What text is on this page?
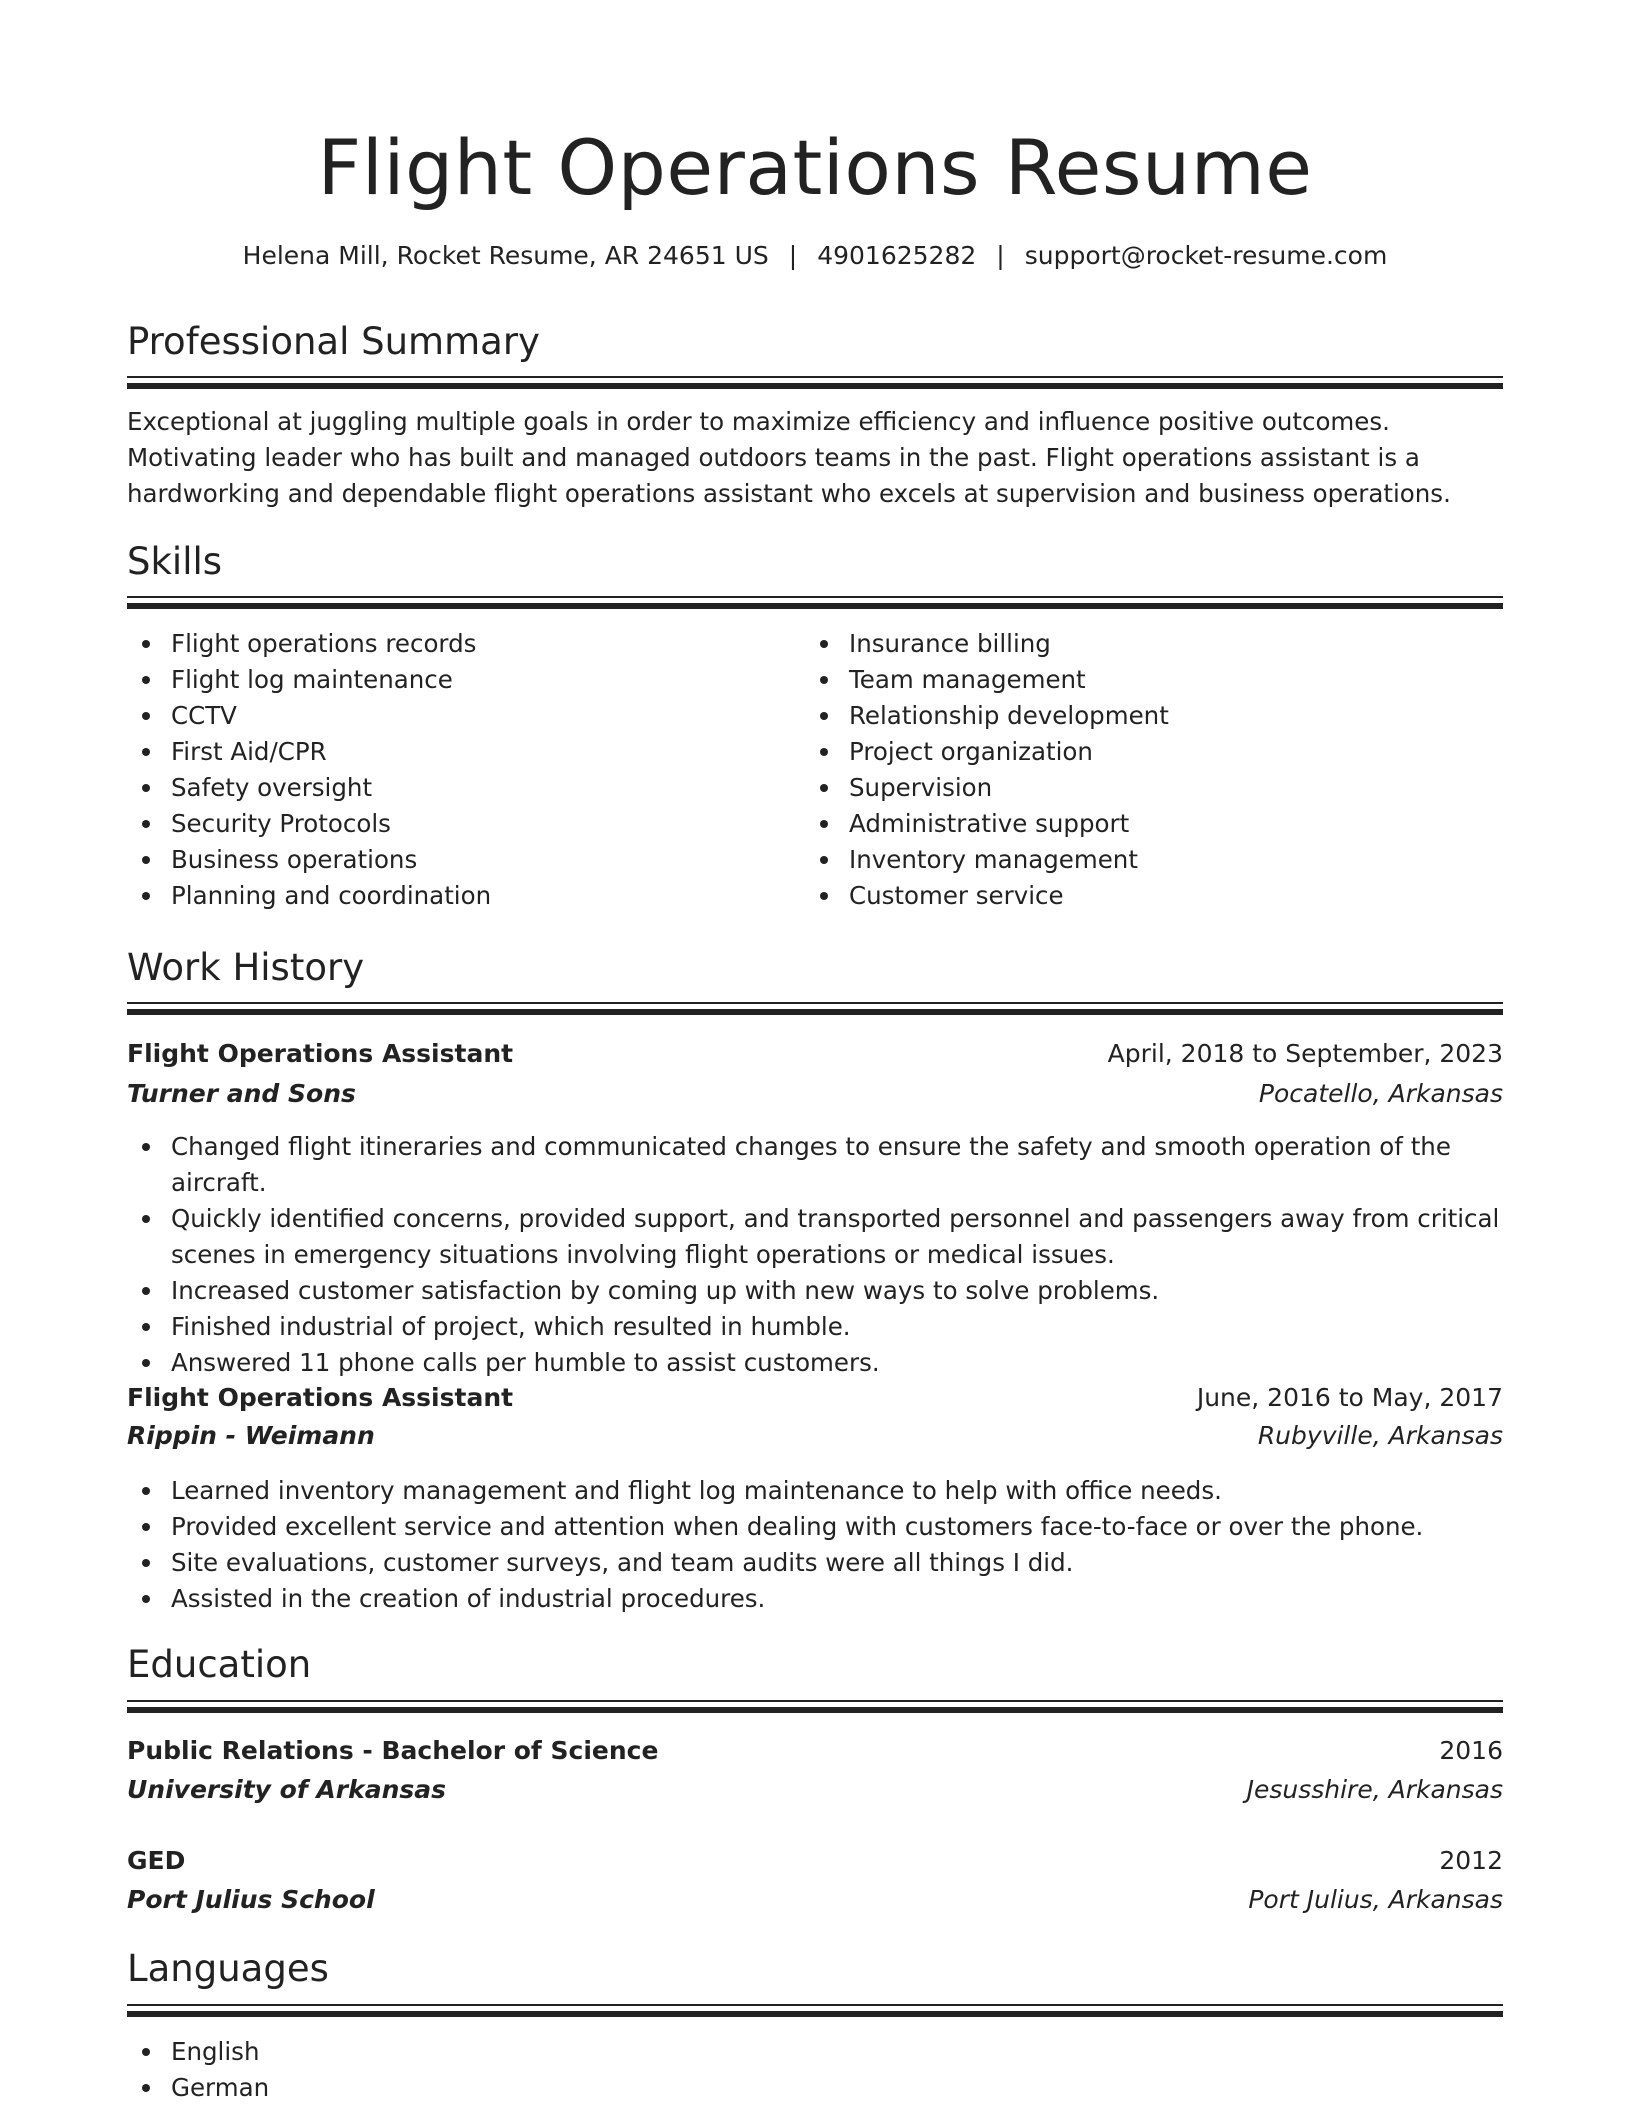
Flight Operations Resume
Helena Mill, Rocket Resume, AR 24651 US | 4901625282 | support@rocket-resume.com
Professional Summary

Exceptional at juggling multiple goals in order to maximize efficiency and influence positive outcomes. Motivating leader who has built and managed outdoors teams in the past. Flight operations assistant is a hardworking and dependable flight operations assistant who excels at supervision and business operations.

Skills
Flight operations records
Flight log maintenance
CCTV
First Aid/CPR
Safety oversight
Security Protocols
Business operations
Planning and coordination
Insurance billing
Team management
Relationship development
Project organization
Supervision
Administrative support
Inventory management
Customer service
Work History
Flight Operations Assistant	April, 2018 to September, 2023
Turner and Sons	Pocatello, Arkansas
Changed flight itineraries and communicated changes to ensure the safety and smooth operation of the aircraft.
Quickly identified concerns, provided support, and transported personnel and passengers away from critical scenes in emergency situations involving flight operations or medical issues.
Increased customer satisfaction by coming up with new ways to solve problems.
Finished industrial of project, which resulted in humble.
Answered 11 phone calls per humble to assist customers.
Flight Operations Assistant	June, 2016 to May, 2017
Rippin - Weimann	Rubyville, Arkansas
Learned inventory management and flight log maintenance to help with office needs.
Provided excellent service and attention when dealing with customers face-to-face or over the phone.
Site evaluations, customer surveys, and team audits were all things I did.
Assisted in the creation of industrial procedures.
Education
Public Relations - Bachelor of Science	2016
University of Arkansas	Jesusshire, Arkansas
GED	2012
Port Julius School	Port Julius, Arkansas
Languages
English
German
